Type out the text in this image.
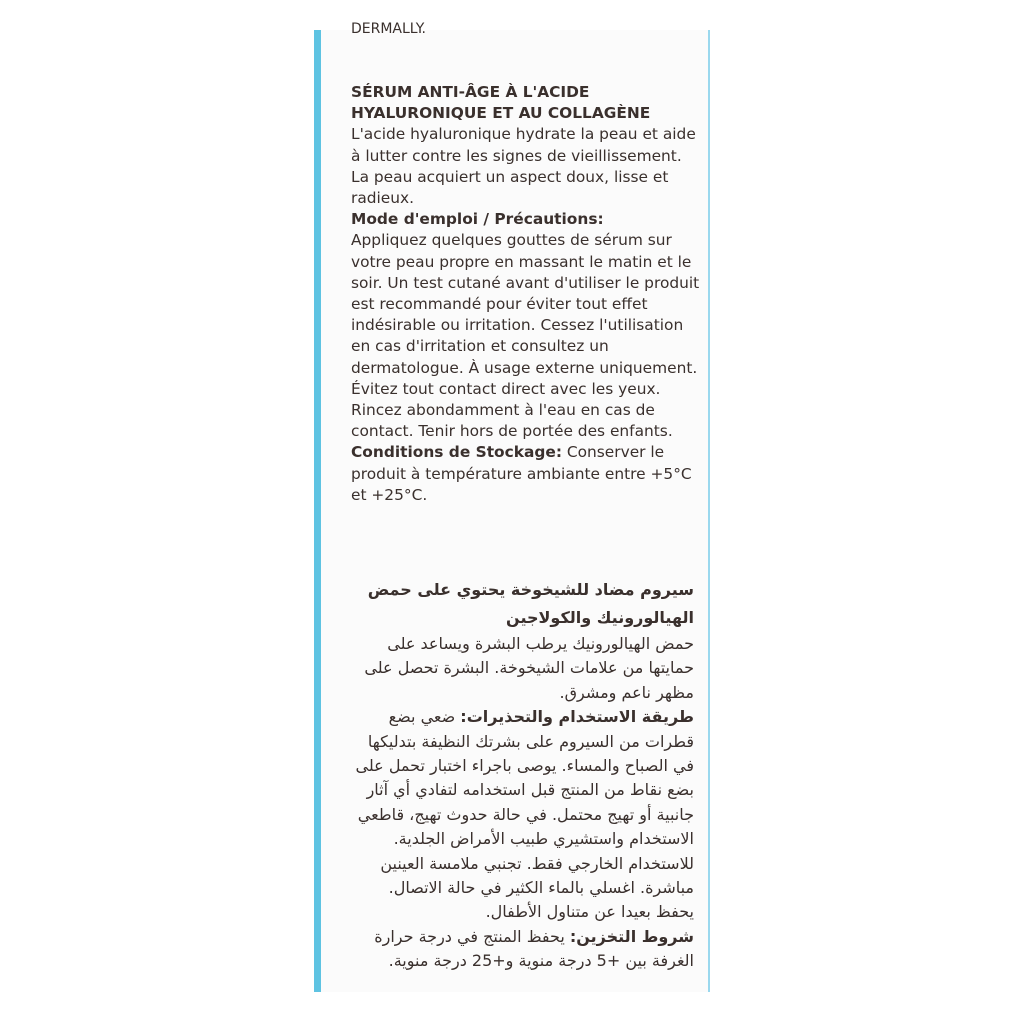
DERMALLY.
SÉRUM ANTI-ÂGE À L'ACIDE
HYALURONIQUE ET AU COLLAGÈNE

L'acide hyaluronique hydrate la peau et aide à lutter contre les signes de vieillissement. La peau acquiert un aspect doux, lisse et radieux.

Mode d'emploi / Précautions:

Appliquez quelques gouttes de sérum sur votre peau propre en massant le matin et le soir. Un test cutané avant d'utiliser le produit est recommandé pour éviter tout effet indésirable ou irritation. Cessez l'utilisation en cas d'irritation et consultez un dermatologue. À usage externe uniquement. Évitez tout contact direct avec les yeux. Rincez abondamment à l'eau en cas de contact. Tenir hors de portée des enfants.

Conditions de Stockage: Conserver le produit à température ambiante entre +5°C et +25°C.

سيروم مضاد للشيخوخة يحتوي على حمض
الهيالورونيك والكولاجين

حمض الهيالورونيك يرطب البشرة ويساعد على حمايتها من علامات الشيخوخة. البشرة تحصل على مظهر ناعم ومشرق.

طريقة الاستخدام والتحذيرات: ضعي بضع قطرات من السيروم على بشرتك النظيفة بتدليكها في الصباح والمساء. يوصى باجراء اختبار تحمل على بضع نقاط من المنتج قبل استخدامه لتفادي أي آثار جانبية أو تهيج محتمل. في حالة حدوث تهيج، قاطعي الاستخدام واستشيري طبيب الأمراض الجلدية. للاستخدام الخارجي فقط. تجنبي ملامسة العينين مباشرة. اغسلي بالماء الكثير في حالة الاتصال. يحفظ بعيدا عن متناول الأطفال.

شروط التخزين: يحفظ المنتج في درجة حرارة الغرفة بين +5 درجة منوية و+25 درجة منوية.
